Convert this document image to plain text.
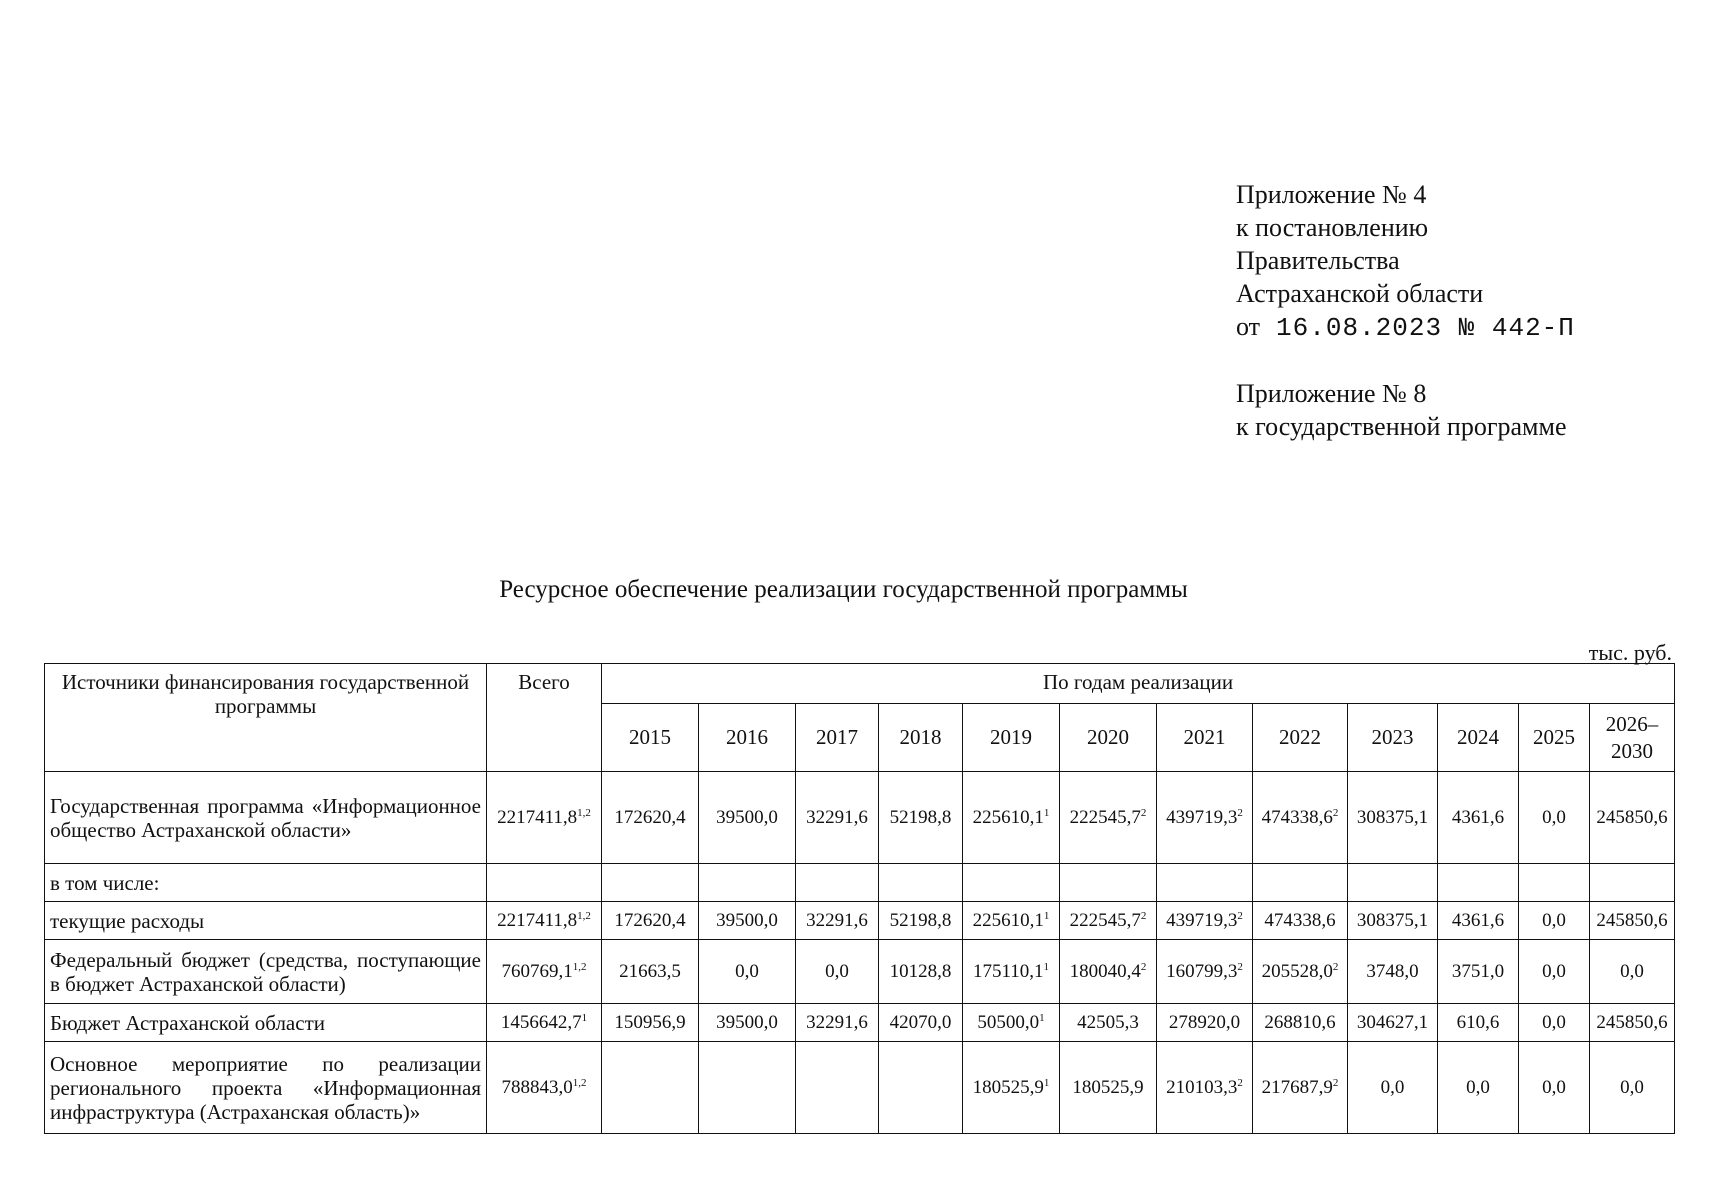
Приложение № 4
к постановлению
Правительства
Астраханской области
от 16.08.2023 № 442-П
Приложение № 8
к государственной программе
Ресурсное обеспечение реализации государственной программы
тыс. руб.
Источники финансирования государственной программы	Всего	По годам реализации											
		2015	2016	2017	2018	2019	2020	2021	2022	2023	2024	2025	2026–2030
Государственная программа «Информационное общество Астраханской области»	2217411,8$^{1,2}$	172620,4	39500,0	32291,6	52198,8	225610,1$^1$	222545,7$^2$	439719,3$^2$	474338,6$^2$	308375,1	4361,6	0,0	245850,6
в том числе:													
текущие расходы	2217411,8$^{1,2}$	172620,4	39500,0	32291,6	52198,8	225610,1$^1$	222545,7$^2$	439719,3$^2$	474338,6	308375,1	4361,6	0,0	245850,6
Федеральный бюджет (средства, поступающие в бюджет Астраханской области)	760769,1$^{1,2}$	21663,5	0,0	0,0	10128,8	175110,1$^1$	180040,4$^2$	160799,3$^2$	205528,0$^2$	3748,0	3751,0	0,0	0,0
Бюджет Астраханской области	1456642,7$^1$	150956,9	39500,0	32291,6	42070,0	50500,0$^1$	42505,3	278920,0	268810,6	304627,1	610,6	0,0	245850,6
Основное мероприятие по реализации регионального проекта «Информационная инфраструктура (Астраханская область)»	788843,0$^{1,2}$					180525,9$^1$	180525,9	210103,3$^2$	217687,9$^2$	0,0	0,0	0,0	0,0
